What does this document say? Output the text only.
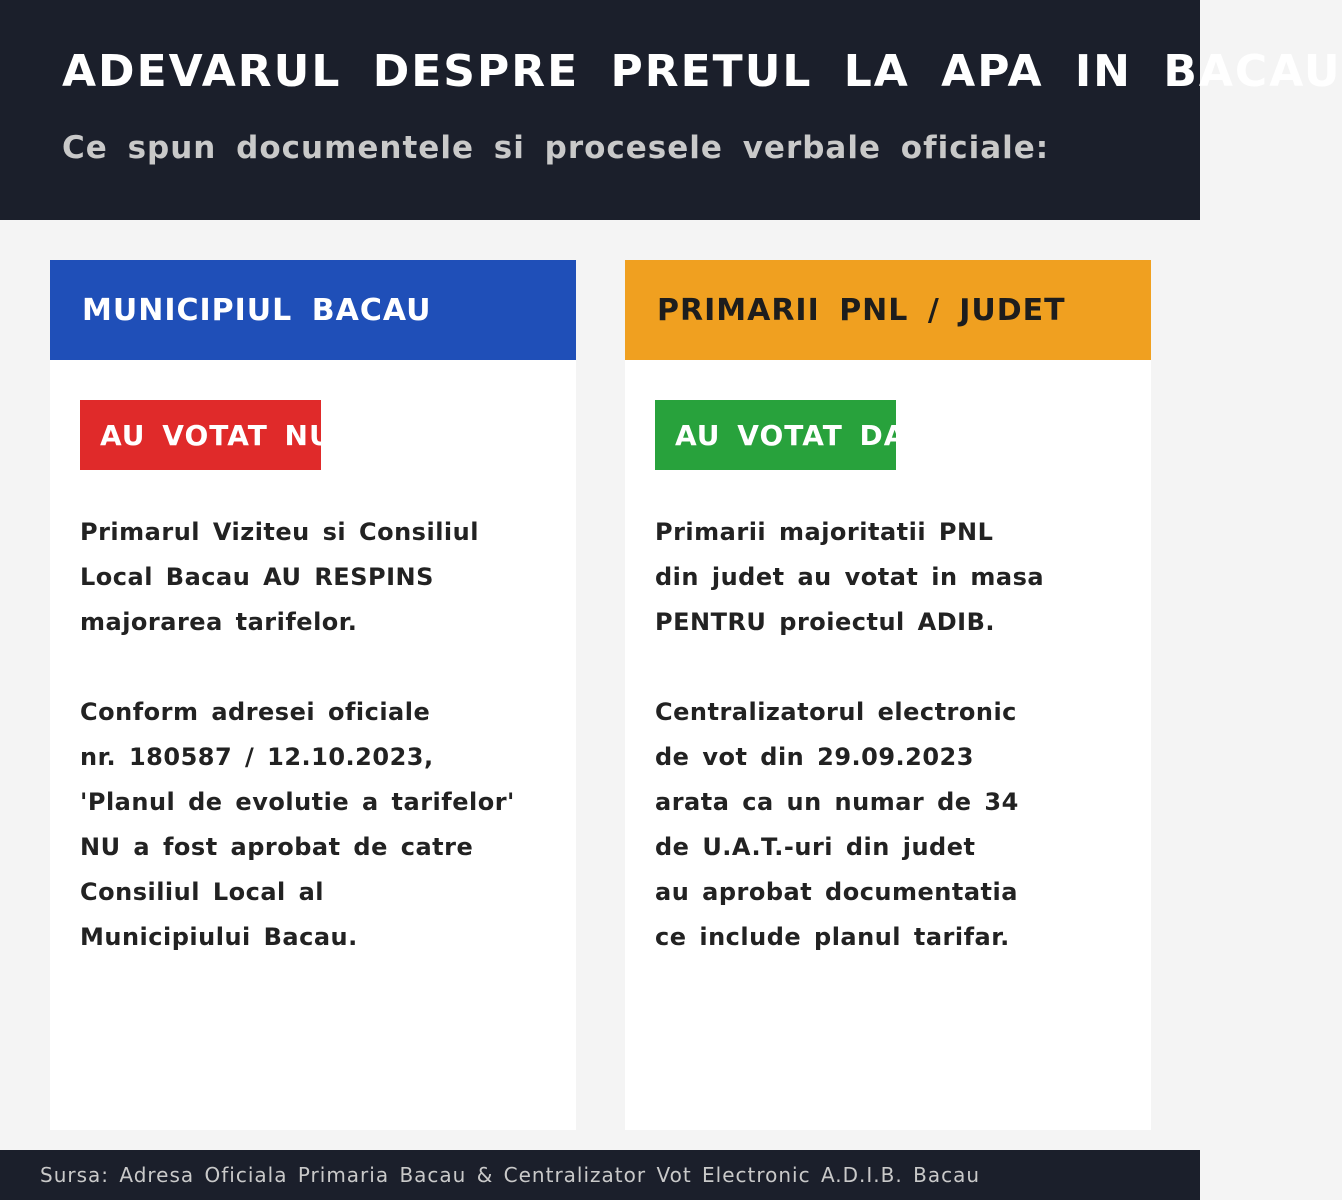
ADEVARUL DESPRE PRETUL LA APA IN BACAU
Ce spun documentele si procesele verbale oficiale:
MUNICIPIUL BACAU
AU VOTAT NU
Primarul Viziteu si Consiliul
Local Bacau AU RESPINS
majorarea tarifelor.
Conform adresei oficiale
nr. 180587 / 12.10.2023,
'Planul de evolutie a tarifelor'
NU a fost aprobat de catre
Consiliul Local al
Municipiului Bacau.
PRIMARII PNL / JUDET
AU VOTAT DA
Primarii majoritatii PNL
din judet au votat in masa
PENTRU proiectul ADIB.
Centralizatorul electronic
de vot din 29.09.2023
arata ca un numar de 34
de U.A.T.-uri din judet
au aprobat documentatia
ce include planul tarifar.
Sursa: Adresa Oficiala Primaria Bacau & Centralizator Vot Electronic A.D.I.B. Bacau
